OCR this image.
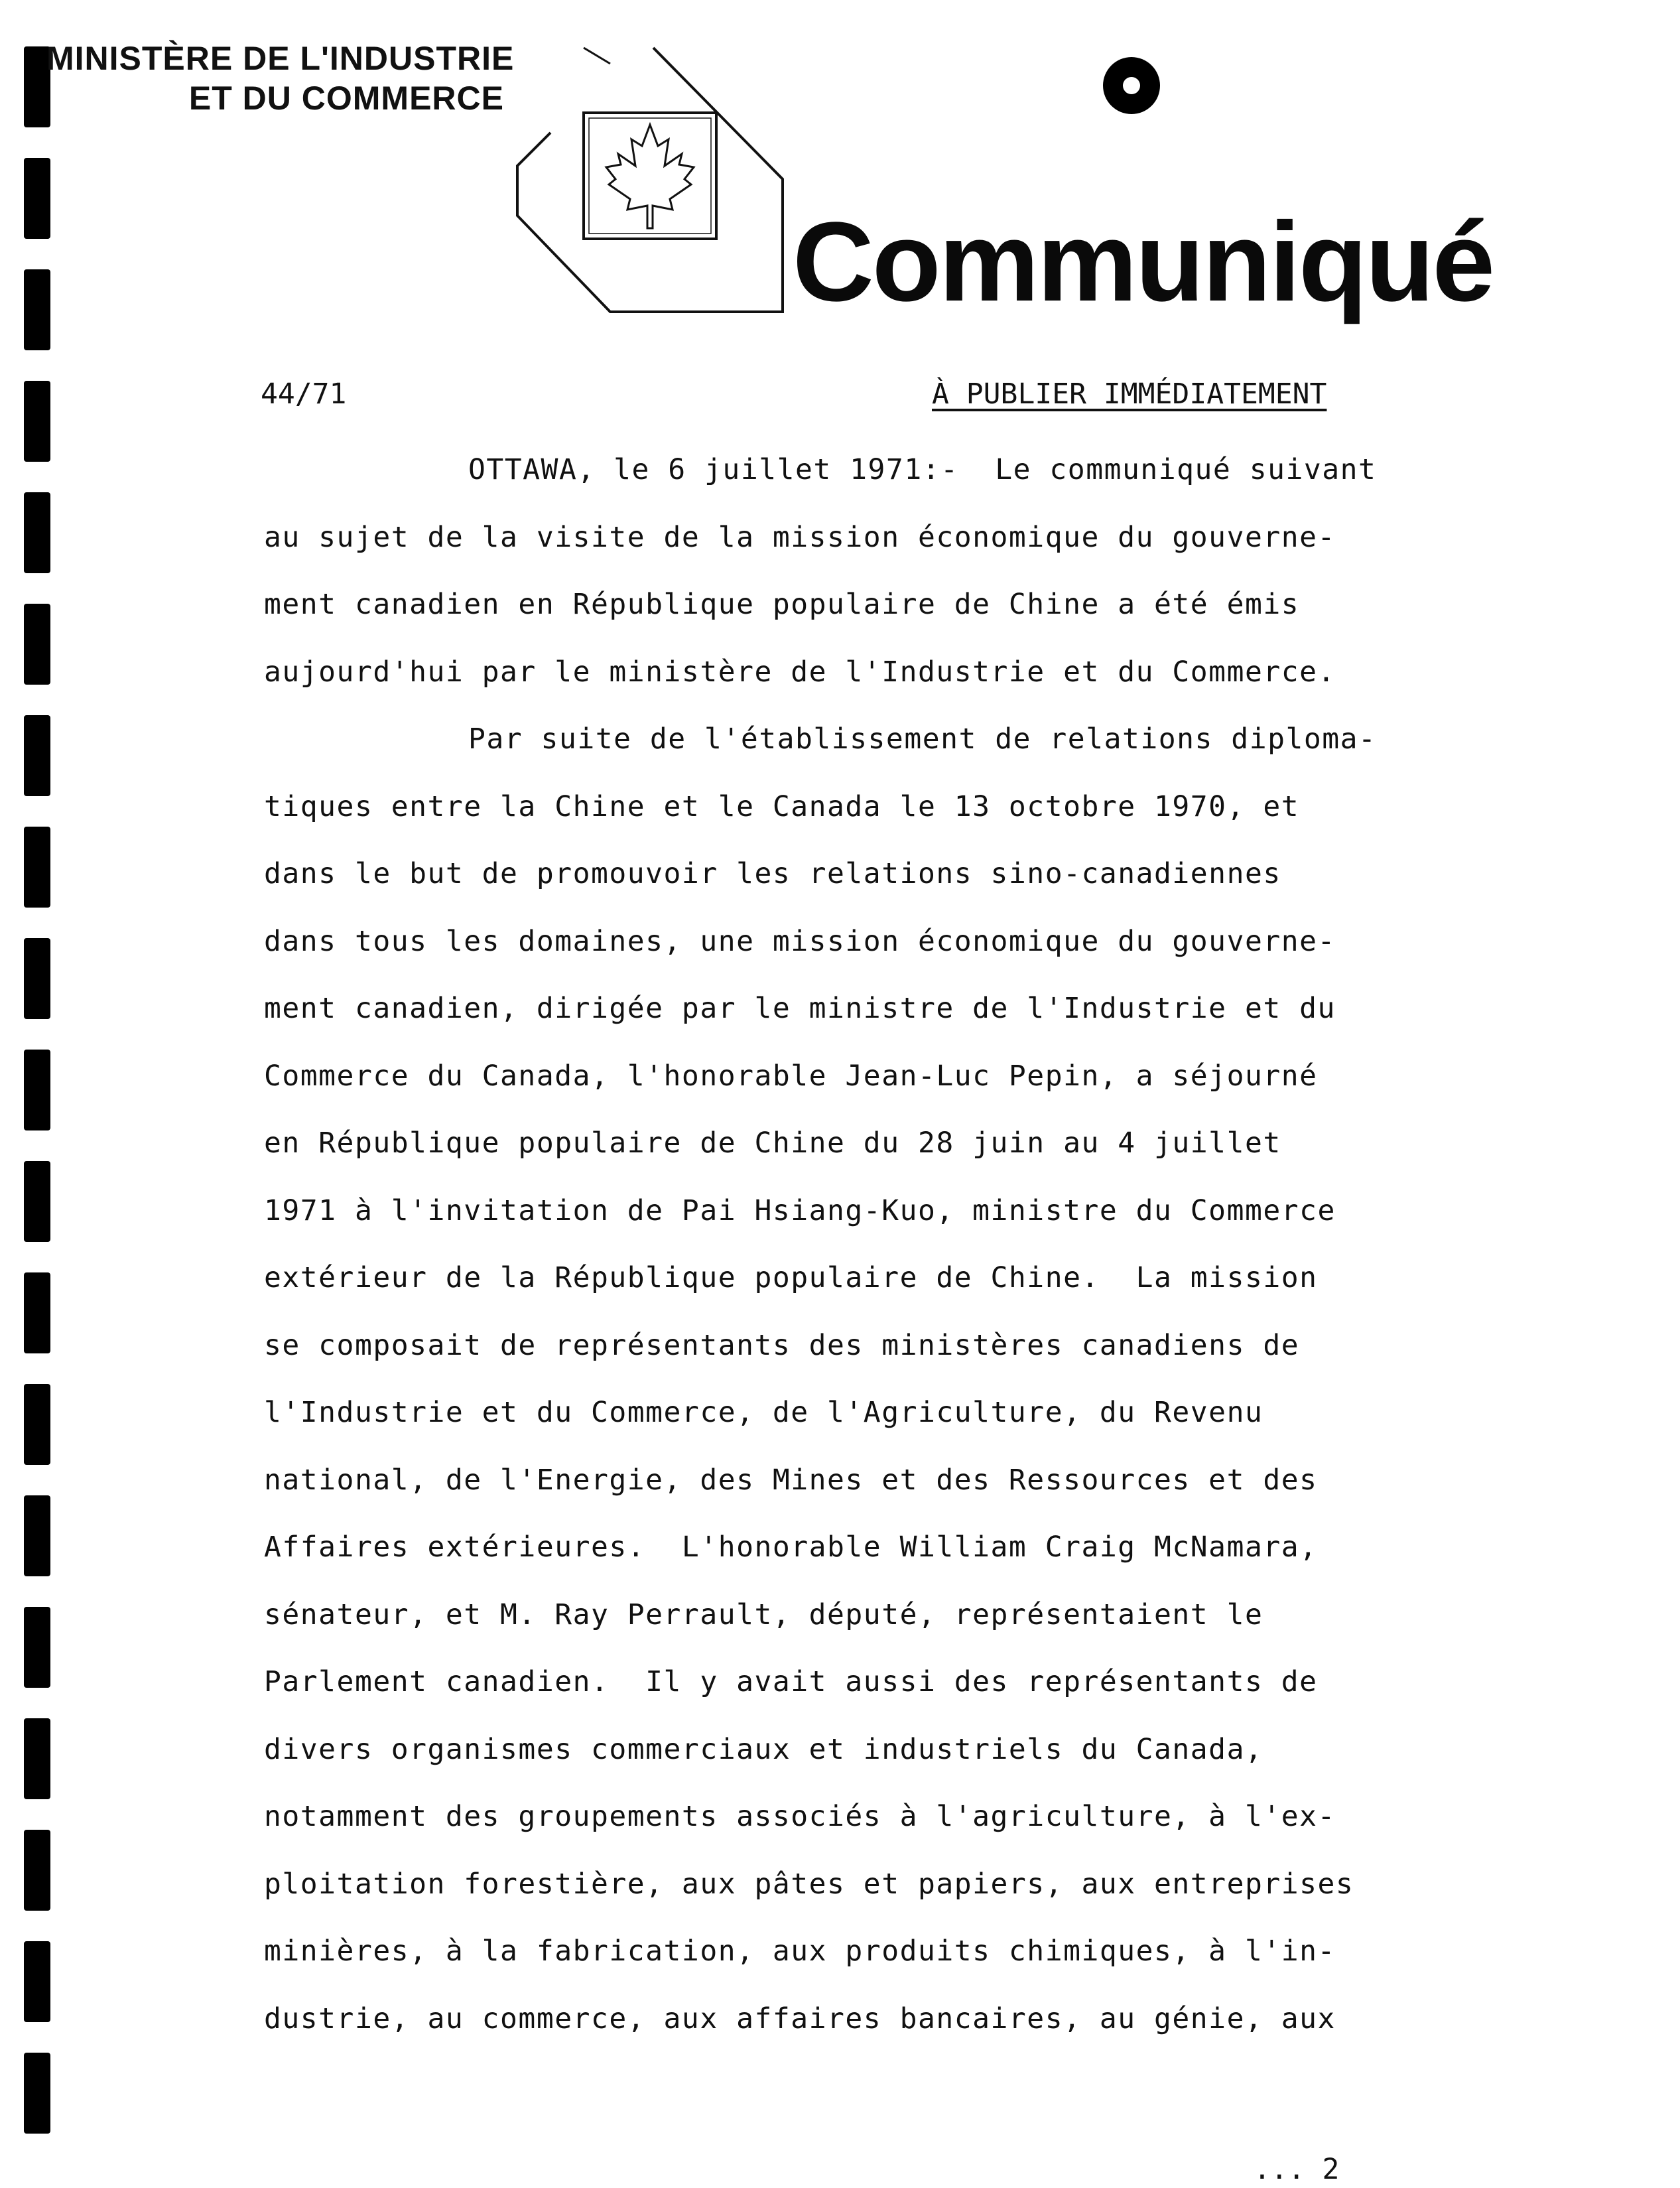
MINISTÈRE DE L'INDUSTRIE
ET DU COMMERCE
Communiqué
44/71	À PUBLIER IMMÉDIATEMENT
OTTAWA, le 6 juillet 1971:-  Le communiqué suivant
au sujet de la visite de la mission économique du gouverne-
ment canadien en République populaire de Chine a été émis
aujourd'hui par le ministère de l'Industrie et du Commerce.
Par suite de l'établissement de relations diploma-
tiques entre la Chine et le Canada le 13 octobre 1970, et
dans le but de promouvoir les relations sino-canadiennes
dans tous les domaines, une mission économique du gouverne-
ment canadien, dirigée par le ministre de l'Industrie et du
Commerce du Canada, l'honorable Jean-Luc Pepin, a séjourné
en République populaire de Chine du 28 juin au 4 juillet
1971 à l'invitation de Pai Hsiang-Kuo, ministre du Commerce
extérieur de la République populaire de Chine.  La mission
se composait de représentants des ministères canadiens de
l'Industrie et du Commerce, de l'Agriculture, du Revenu
national, de l'Energie, des Mines et des Ressources et des
Affaires extérieures.  L'honorable William Craig McNamara,
sénateur, et M. Ray Perrault, député, représentaient le
Parlement canadien.  Il y avait aussi des représentants de
divers organismes commerciaux et industriels du Canada,
notamment des groupements associés à l'agriculture, à l'ex-
ploitation forestière, aux pâtes et papiers, aux entreprises
minières, à la fabrication, aux produits chimiques, à l'in-
dustrie, au commerce, aux affaires bancaires, au génie, aux
... 2
